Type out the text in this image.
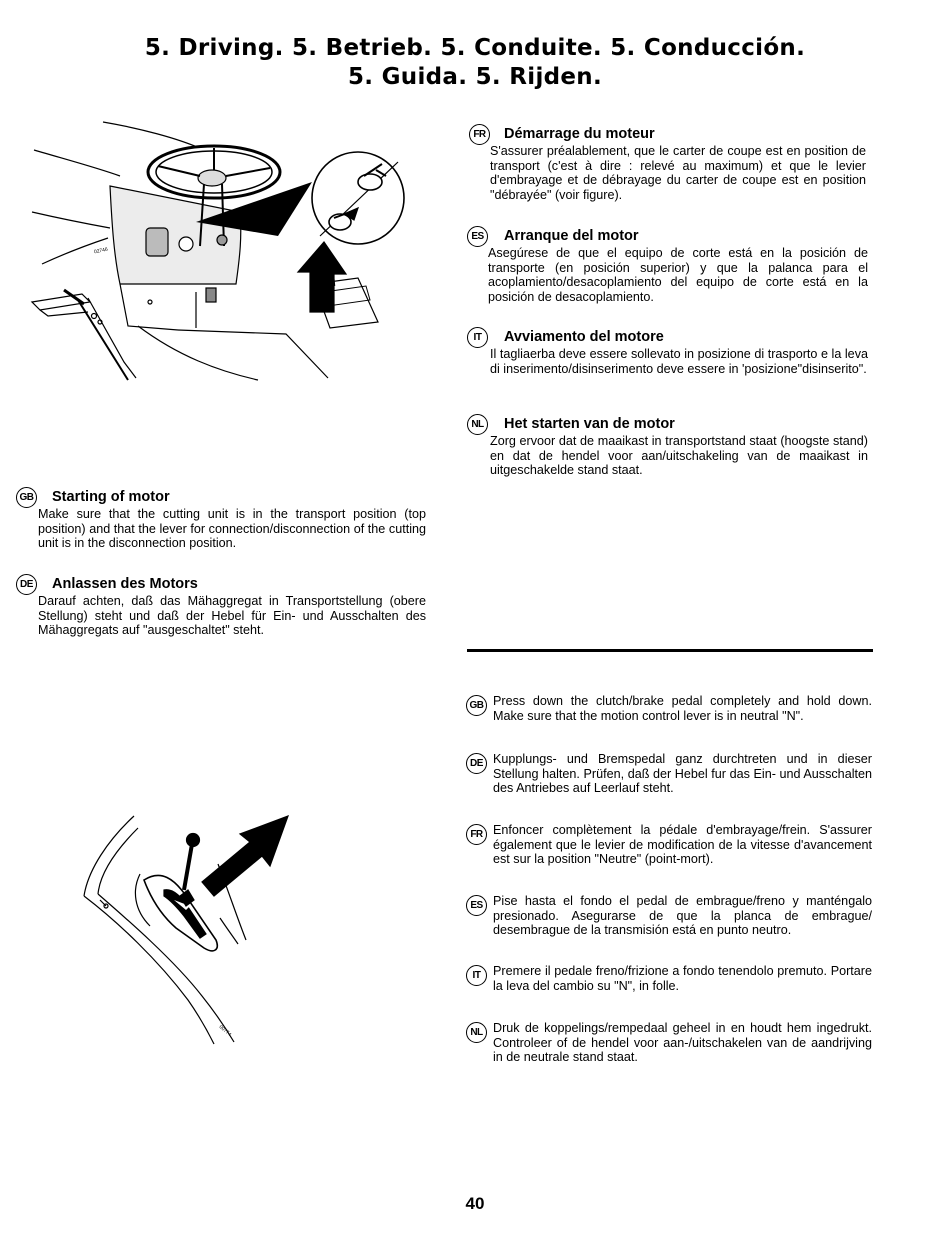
5. Driving. 5. Betrieb. 5. Conduite. 5. Conducción.
5. Guida. 5. Rijden.
02746
FR Démarrage du moteur
S'assurer préalablement, que le carter de coupe est en position de transport (c'est à dire : relevé au maximum) et que le levier d'embrayage et de débrayage du carter de coupe est en position "débrayée" (voir figure).
ES Arranque del motor
Asegúrese de que el equipo de corte está en la posición de transporte (en posición superior) y que la palanca para el acoplamiento/desacoplamiento del equipo de corte está en la posición de desacoplamiento.
IT	Avviamento del motore
Il tagliaerba deve essere sollevato in posizione di trasporto e la leva di inserimento/disinserimento deve essere in 'posizione"disinserito".
NL Het starten van de motor
Zorg ervoor dat de maaikast in transportstand staat (hoogste stand) en dat de hendel voor aan/uitschakeling van de maaikast in uitgeschakelde stand staat.
GB Starting of motor
Make sure that the cutting unit is in the transport position (top position) and that the lever for connection/disconnection of the cutting unit is in the disconnection position.
DE Anlassen des Motors
Darauf achten, daß das Mähaggregat in Transportstellung (obere Stellung) steht und daß der Hebel für Ein- und Ausschalten des Mähaggregats auf "ausgeschaltet" steht.
00774
GB Press down the clutch/brake pedal completely and hold down. Make sure that the motion control lever is in neutral "N".
DE Kupplungs- und Bremspedal ganz durchtreten und in dieser Stellung halten. Prüfen, daß der Hebel fur das Ein- und Ausschalten des Antriebes auf Leerlauf steht.
FR Enfoncer complètement la pédale d'embrayage/frein. S'assurer également que le levier de modification de la vitesse d'avancement est sur la position "Neutre" (point-mort).
ES Pise hasta el fondo el pedal de embrague/freno y manténgalo presionado. Asegurarse de que la planca de embrague/ desembrague de la transmisión está en punto neutro.
IT Premere il pedale freno/frizione a fondo tenendolo premuto. Portare la leva del cambio su "N", in folle.
NL Druk de koppelings/rempedaal geheel in en houdt hem ingedrukt. Controleer of de hendel voor aan-/uitschakelen van de aandrijving in de neutrale stand staat.
40
